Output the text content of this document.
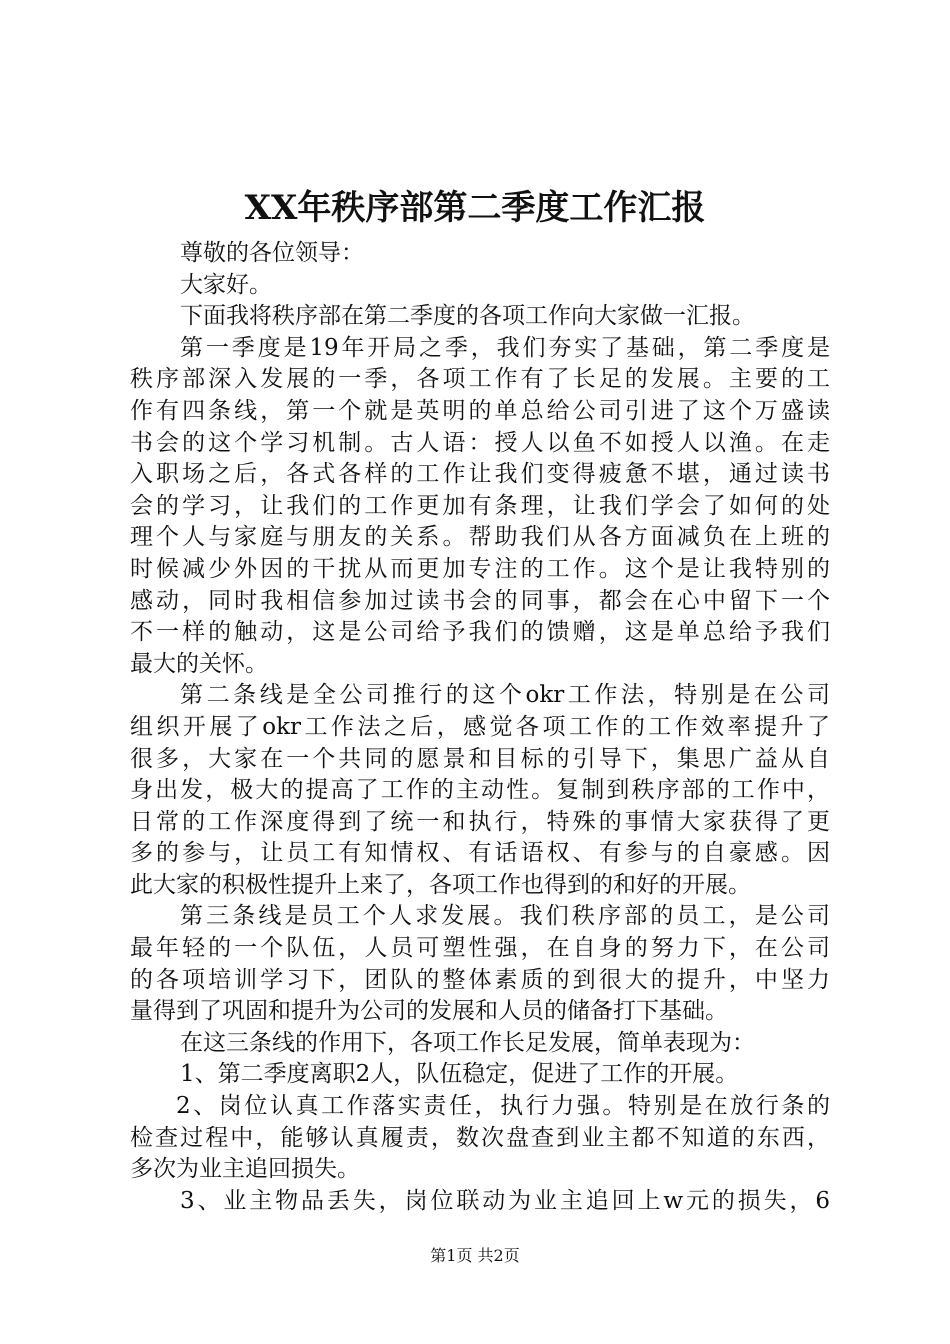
XX年秩序部第二季度工作汇报
尊敬的各位领导：
大家好。
下面我将秩序部在第二季度的各项工作向大家做一汇报。
第一季度是19年开局之季，我们夯实了基础，第二季度是
秩序部深入发展的一季，各项工作有了长足的发展。主要的工
作有四条线，第一个就是英明的单总给公司引进了这个万盛读
书会的这个学习机制。古人语：授人以鱼不如授人以渔。在走
入职场之后，各式各样的工作让我们变得疲惫不堪，通过读书
会的学习，让我们的工作更加有条理，让我们学会了如何的处
理个人与家庭与朋友的关系。帮助我们从各方面减负在上班的
时候减少外因的干扰从而更加专注的工作。这个是让我特别的
感动，同时我相信参加过读书会的同事，都会在心中留下一个
不一样的触动，这是公司给予我们的馈赠，这是单总给予我们
最大的关怀。
第二条线是全公司推行的这个okr工作法，特别是在公司
组织开展了okr工作法之后，感觉各项工作的工作效率提升了
很多，大家在一个共同的愿景和目标的引导下，集思广益从自
身出发，极大的提高了工作的主动性。复制到秩序部的工作中，
日常的工作深度得到了统一和执行，特殊的事情大家获得了更
多的参与，让员工有知情权、有话语权、有参与的自豪感。因
此大家的积极性提升上来了，各项工作也得到的和好的开展。
第三条线是员工个人求发展。我们秩序部的员工，是公司
最年轻的一个队伍，人员可塑性强，在自身的努力下，在公司
的各项培训学习下，团队的整体素质的到很大的提升，中坚力
量得到了巩固和提升为公司的发展和人员的储备打下基础。
在这三条线的作用下，各项工作长足发展，简单表现为：
1、第二季度离职2人，队伍稳定，促进了工作的开展。
2、岗位认真工作落实责任，执行力强。特别是在放行条的
检查过程中，能够认真履责，数次盘查到业主都不知道的东西，
多次为业主追回损失。
3、业主物品丢失，岗位联动为业主追回上w元的损失，6
第1页 共2页
